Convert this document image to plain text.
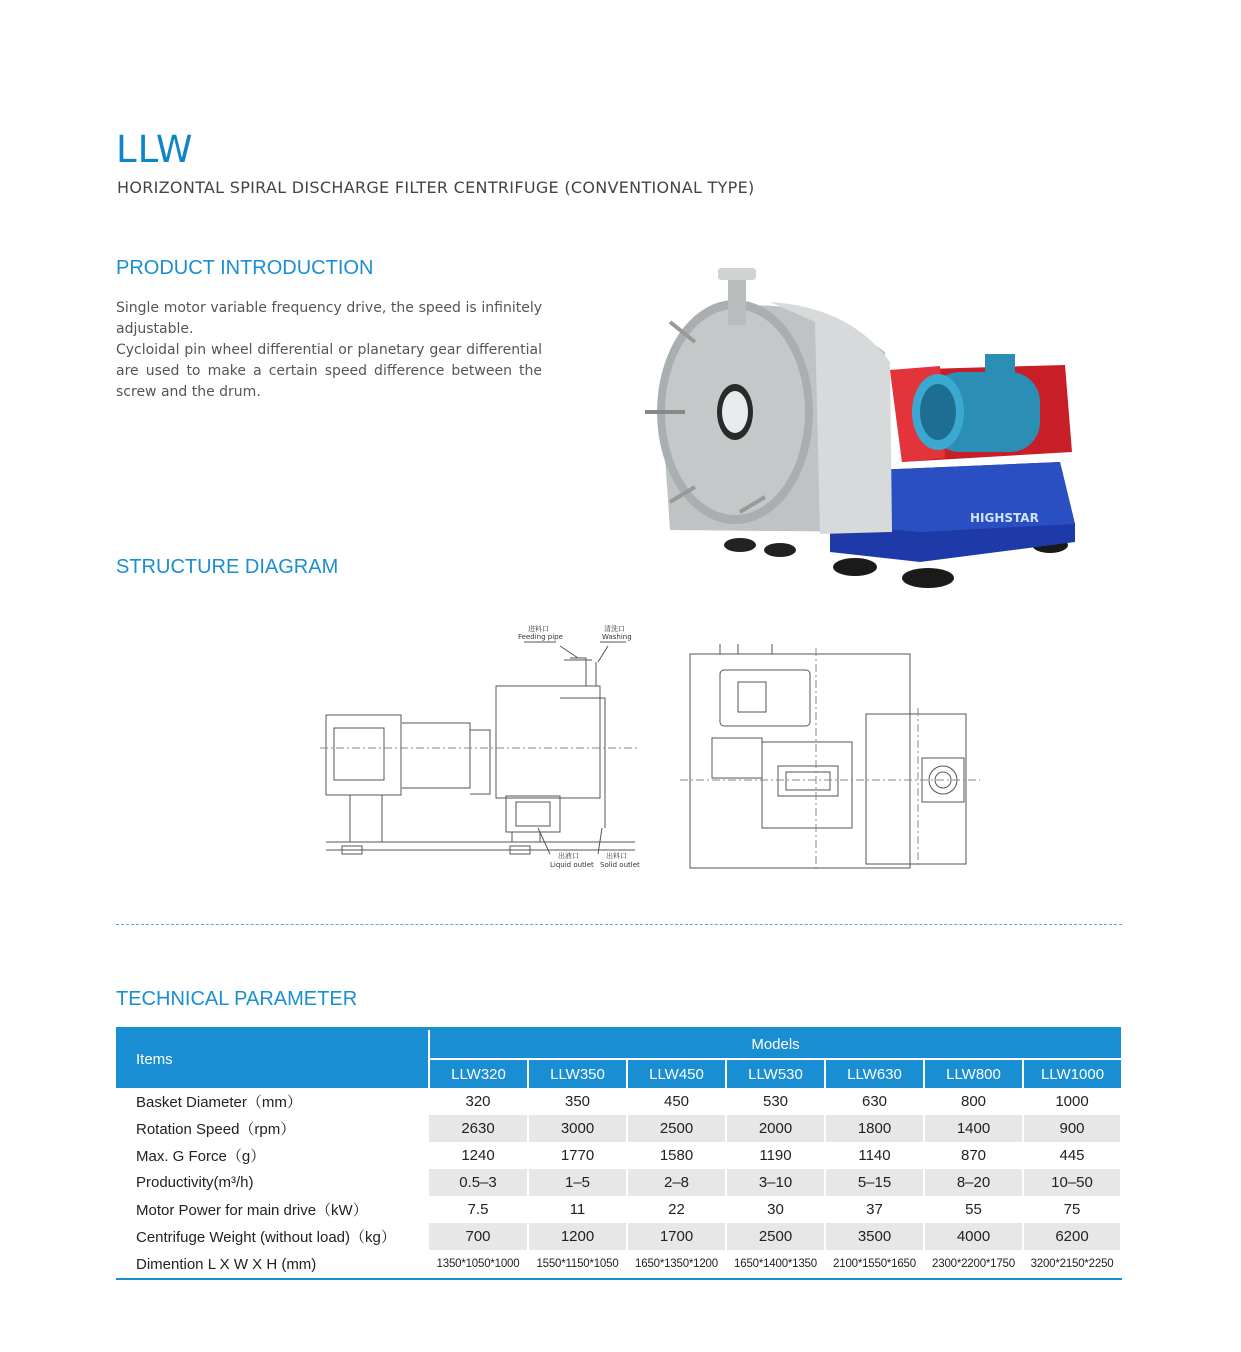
LLW
HORIZONTAL SPIRAL DISCHARGE FILTER CENTRIFUGE (CONVENTIONAL TYPE)
PRODUCT INTRODUCTION

Single motor variable frequency drive, the speed is infinitely adjustable.

Cycloidal pin wheel differential or planetary gear differential are used to make a certain speed difference between the screw and the drum.

HIGHSTAR
STRUCTURE DIAGRAM
进料口
Feeding pipe
清洗口
Washing
出液口
Liquid outlet
出料口
Solid outlet
TECHNICAL PARAMETER
Items	Models						
	LLW320	LLW350	LLW450	LLW530	LLW630	LLW800	LLW1000
Basket Diameter（mm）	320	350	450	530	630	800	1000
Rotation Speed（rpm）	2630	3000	2500	2000	1800	1400	900
Max. G Force（g）	1240	1770	1580	1190	1140	870	445
Productivity(m³/h)	0.5–3	1–5	2–8	3–10	5–15	8–20	10–50
Motor Power for main drive（kW）	7.5	11	22	30	37	55	75
Centrifuge Weight (without load)（kg）	700	1200	1700	2500	3500	4000	6200
Dimention L X W X H (mm)	1350*1050*1000	1550*1150*1050	1650*1350*1200	1650*1400*1350	2100*1550*1650	2300*2200*1750	3200*2150*2250
